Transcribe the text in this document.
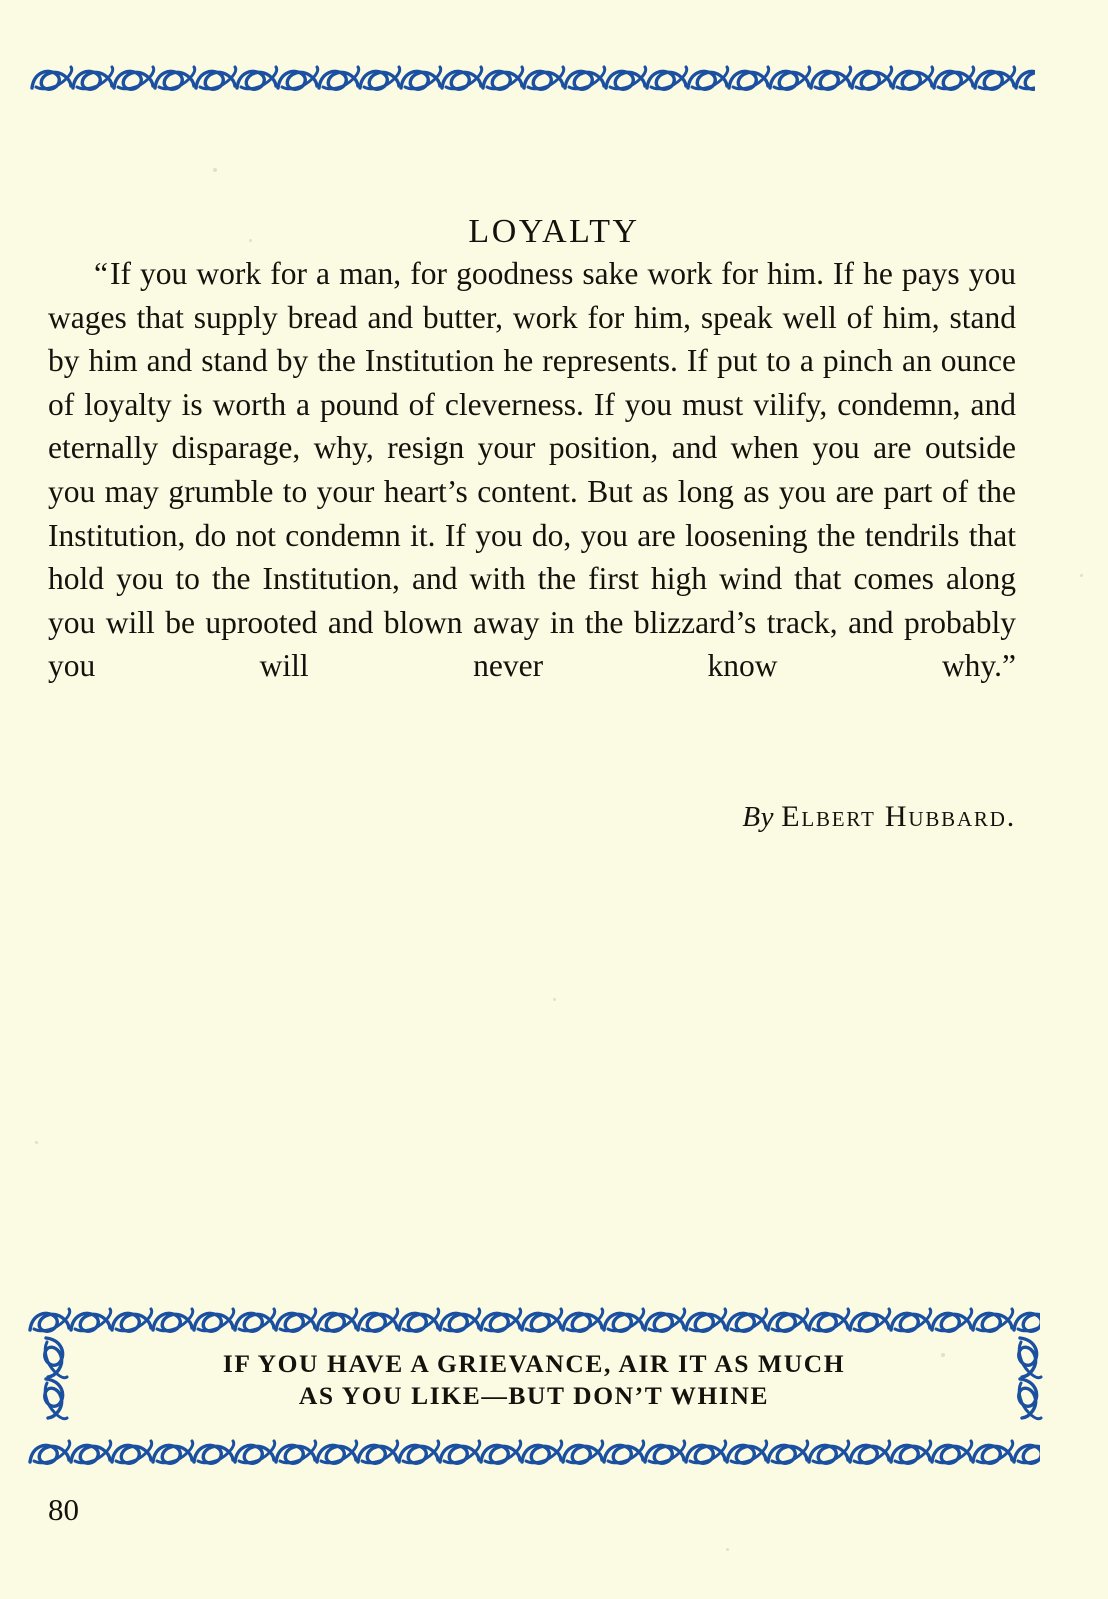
LOYALTY
“If you work for a man, for goodness sake work for him. If he pays you wages that supply bread and butter, work for him, speak well of him, stand by him and stand by the Institution he represents. If put to a pinch an ounce of loyalty is worth a pound of cleverness. If you must vilify, condemn, and eternally disparage, why, resign your position, and when you are outside you may grumble to your heart’s content. But as long as you are part of the Institution, do not condemn it. If you do, you are loosening the tendrils that hold you to the Institution, and with the first high wind that comes along you will be uprooted and blown away in the blizzard’s track, and probably you will never know why.”
By Elbert Hubbard.
IF YOU HAVE A GRIEVANCE, AIR IT AS MUCH
AS YOU LIKE—BUT DON’T WHINE
80
